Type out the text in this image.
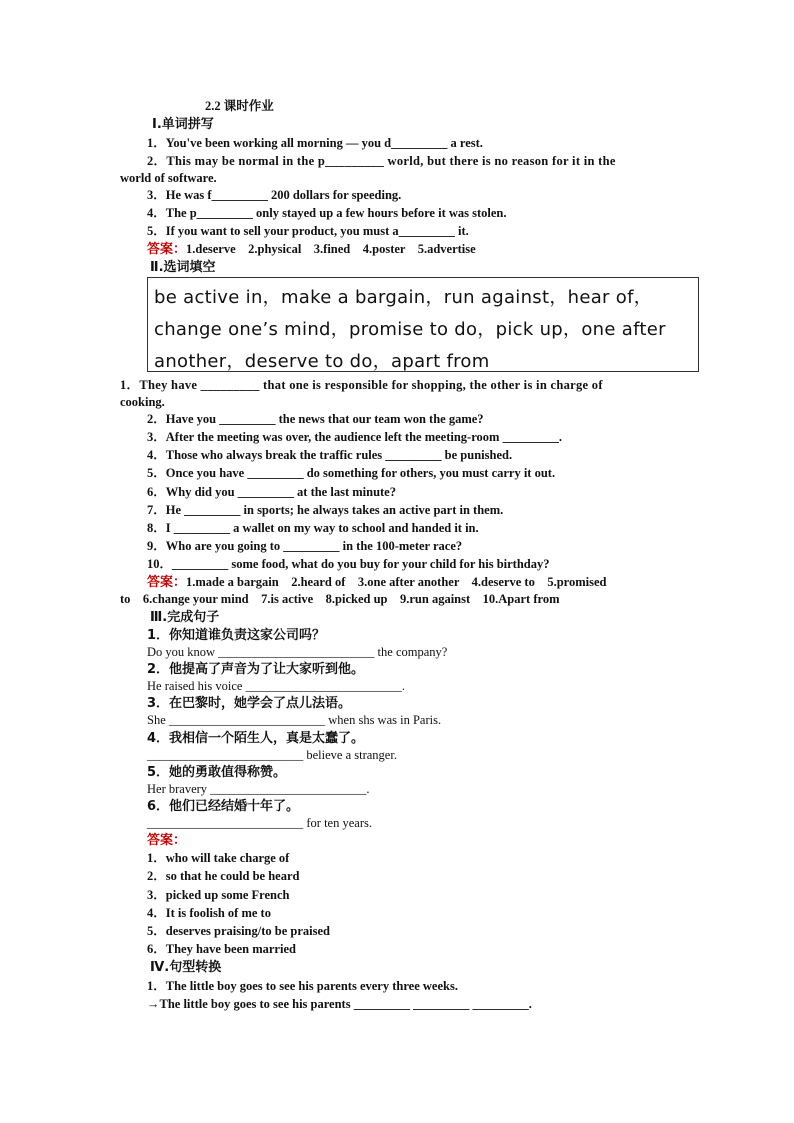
2.2 课时作业
Ⅰ.单词拼写
1．You've been working all morning — you d_________ a rest.
2．This may be normal in the p_________ world, but there is no reason for it in the
world of software.
3．He was f_________ 200 dollars for speeding.
4．The p_________ only stayed up a few hours before it was stolen.
5．If you want to sell your product, you must a_________ it.
答案：1.deserve　2.physical　3.fined　4.poster　5.advertise
Ⅱ.选词填空
be active in，make a bargain，run against，hear of，
change one’s mind，promise to do，pick up，one after
another，deserve to do，apart from
1．They have _________ that one is responsible for shopping, the other is in charge of
cooking.
2．Have you _________ the news that our team won the game?
3．After the meeting was over, the audience left the meeting-room _________.
4．Those who always break the traffic rules _________ be punished.
5．Once you have _________ do something for others, you must carry it out.
6．Why did you _________ at the last minute?
7．He _________ in sports; he always takes an active part in them.
8．I _________ a wallet on my way to school and handed it in.
9．Who are you going to _________ in the 100-meter race?
10．_________ some food, what do you buy for your child for his birthday?
答案：1.made a bargain　2.heard of　3.one after another　4.deserve to　5.promised
to　6.change your mind　7.is active　8.picked up　9.run against　10.Apart from
Ⅲ.完成句子
1．你知道谁负责这家公司吗？
Do you know _________________________ the company?
2．他提高了声音为了让大家听到他。
He raised his voice _________________________.
3．在巴黎时，她学会了点儿法语。
She _________________________ when shs was in Paris.
4．我相信一个陌生人，真是太蠢了。
_________________________ believe a stranger.
5．她的勇敢值得称赞。
Her bravery _________________________.
6．他们已经结婚十年了。
_________________________ for ten years.
答案：
1．who will take charge of
2．so that he could be heard
3．picked up some French
4．It is foolish of me to
5．deserves praising/to be praised
6．They have been married
Ⅳ.句型转换
1．The little boy goes to see his parents every three weeks.
→The little boy goes to see his parents _________ _________ _________.
